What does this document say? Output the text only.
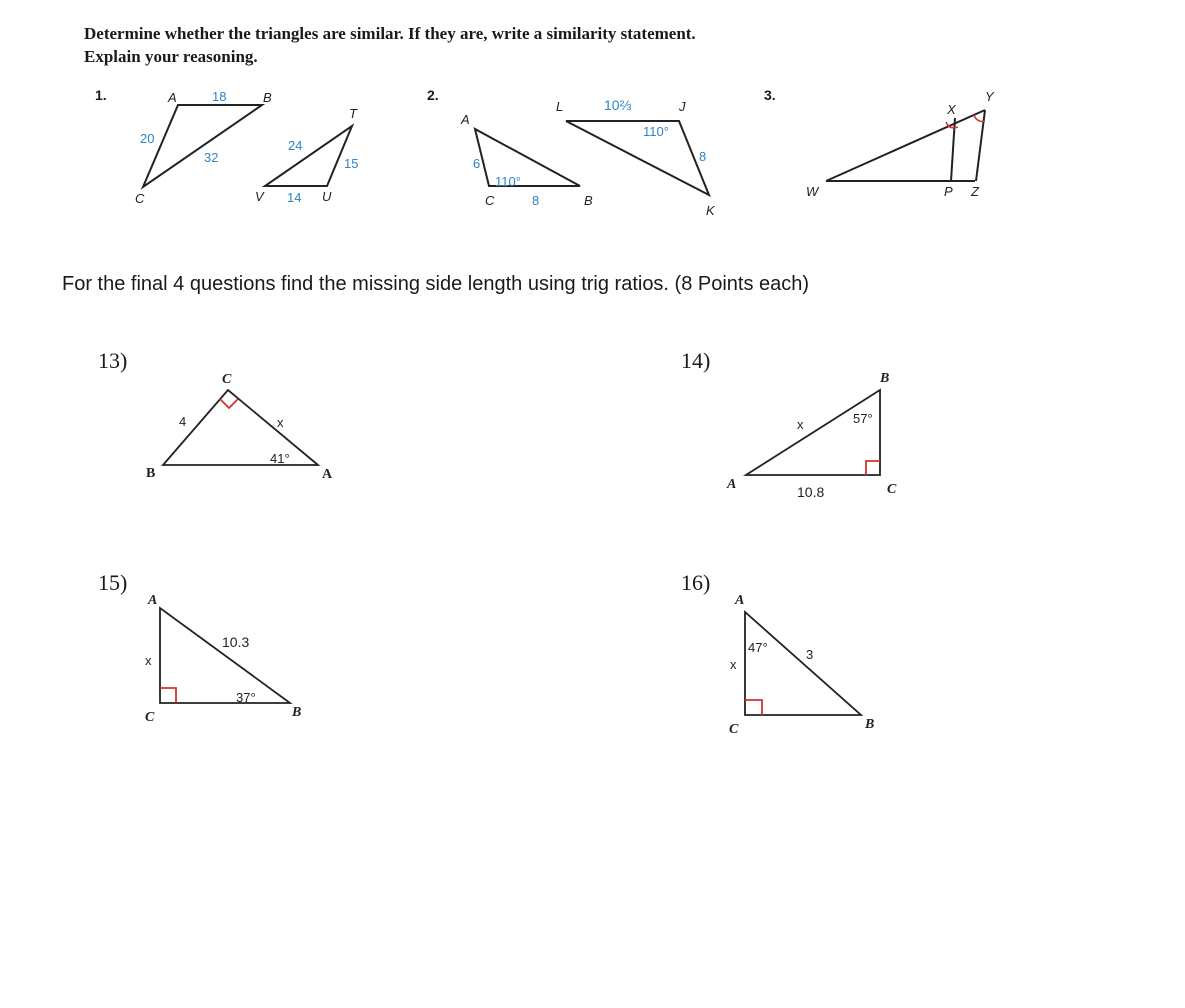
Determine whether the triangles are similar. If they are, write a similarity statement.
Explain your reasoning.
1.	2.	3.
A	18	B
20
32
C
T
24
15
V 14 U
A
6
110°
C	8	B
L	10⅔	J
110°
8
K
X
Y
W	P Z
For the final 4 questions find the missing side length using trig ratios. (8 Points each)
13)	14)
15)	16)
C
4	x
41°
B	A
B
57°
x
A	10.8	C
A
10.3
x
37°
C	B
A
47°	3
x
C	B
